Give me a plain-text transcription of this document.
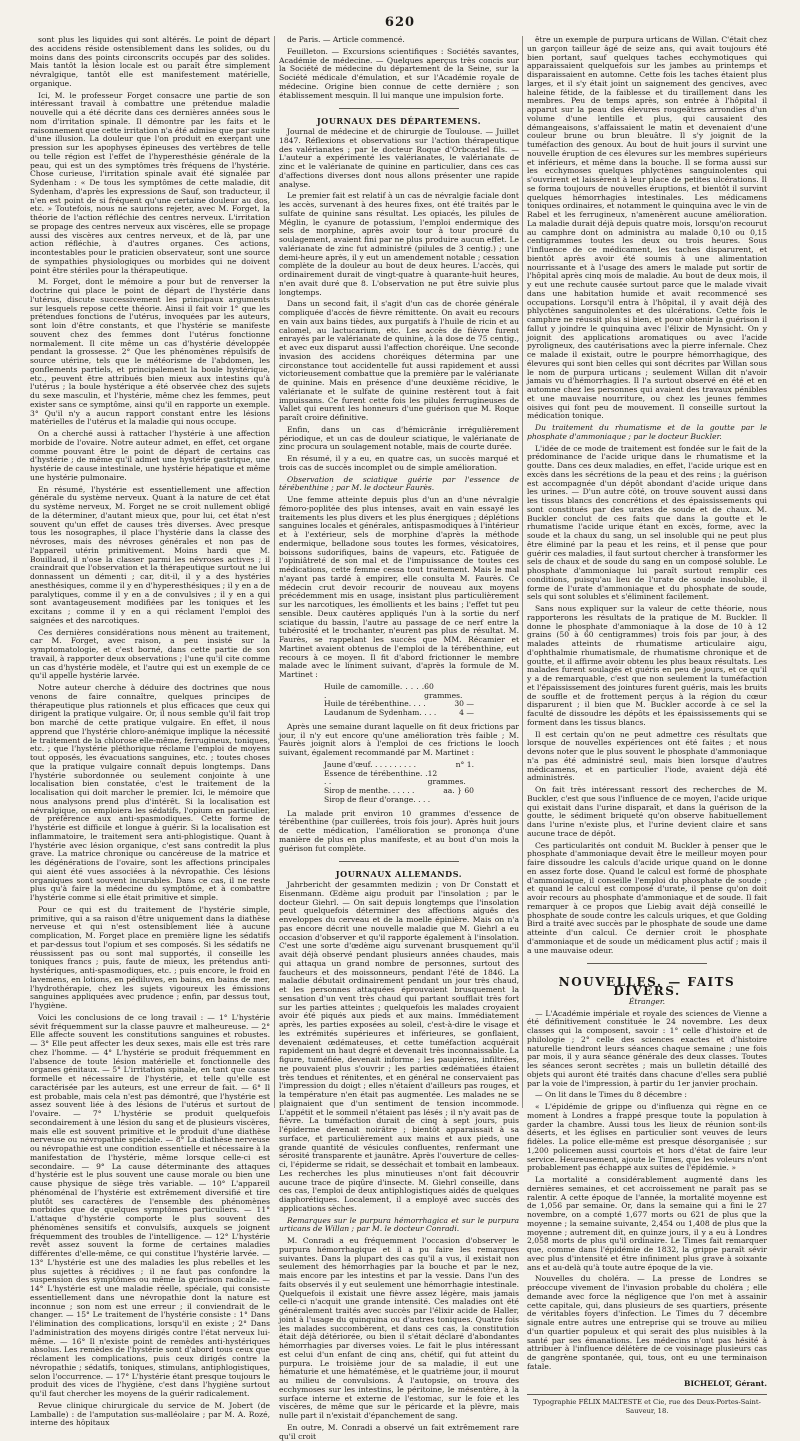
620

sont plus les liquides qui sont altérés. Le point de départ des accidens réside ostensiblement dans les solides, ou du moins dans des points circonscrits occupés par des solides. Mais tantôt la lésion locale est ou paraît être simplement névralgique, tantôt elle est manifestement matérielle, organique.

Ici, M. le professeur Forget consacre une partie de son intéressant travail à combattre une prétendue maladie nouvelle qui a été décrite dans ces dernières années sous le nom d'irritation spinale. Il démontre par les faits et le raisonnement que cette irritation n'a été admise que par suite d'une illusion. La douleur que l'on produit en exerçant une pression sur les apophyses épineuses des vertèbres de telle ou telle région est l'effet de l'hyperesthésie générale de la peau, qui est un des symptômes très fréquens de l'hystérie. Chose curieuse, l'irritation spinale avait été signalée par Sydenham : « De tous les symptômes de cette maladie, dit Sydenham, d'après les expressions de Sauf, son traducteur, il n'en est point de si fréquent qu'une certaine douleur au dos, etc. » Toutefois, nous ne saurions rejeter, avec M. Forget, la théorie de l'action réfléchie des centres nerveux. L'irritation se propage des centres nerveux aux viscères, elle se propage aussi des viscères aux centres nerveux, et de là, par une action réfléchie, à d'autres organes. Ces actions, incontestables pour le praticien observateur, sont une source de sympathies physiologiques ou morbides qui ne doivent point être stériles pour la thérapeutique.

M. Forget, dont le mémoire a pour but de renverser la doctrine qui place le point de départ de l'hystérie dans l'utérus, discute successivement les principaux arguments sur lesquels repose cette théorie. Ainsi il fait voir 1° que les prétendues fonctions de l'utérus, invoquées par les auteurs, sont loin d'être constants, et que l'hystérie se manifeste souvent chez des femmes dont l'utérus fonctionne normalement. Il cite même un cas d'hystérie développée pendant la grossesse. 2° Que les phénomènes répulsifs de source utérine, tels que le météorisme de l'abdomen, les gonflements partiels, et principalement la boule hystérique, etc., peuvent être attribués bien mieux aux intestins qu'à l'utérus ; la boule hystérique a été observée chez des sujets du sexe masculin, et l'hystérie, même chez les femmes, peut exister sans ce symptôme, ainsi qu'il en rapporte un exemple. 3° Qu'il n'y a aucun rapport constant entre les lésions matérielles de l'utérus et la maladie qui nous occupe.

On a cherché aussi à rattacher l'hystérie à une affection morbide de l'ovaire. Notre auteur admet, en effet, cet organe comme pouvant être le point de départ de certains cas d'hystérie ; de même qu'il admet une hystérie gastrique, une hystérie de cause intestinale, une hystérie hépatique et même une hystérie pulmonaire.

En résumé, l'hystérie est essentiellement une affection générale du système nerveux. Quant à la nature de cet état du système nerveux, M. Forget ne se croit nullement obligé de la déterminer, d'autant mieux que, pour lui, cet état n'est souvent qu'un effet de causes très diverses. Avec presque tous les nosographes, il place l'hystérie dans la classe des névroses, mais des névroses générales et non pas de l'appareil utérin primitivement. Moins hardi que M. Bouillaud, il n'ose la classer parmi les névroses actives ; il craindrait que l'observation et la thérapeutique surtout ne lui donnassent un démenti ; car, dit-il, il y a des hystéries anesthésiques, comme il y en d'hyperesthésiques ; il y en a de paralytiques, comme il y en a de convulsives ; il y en a qui sont avantageusement modifiées par les toniques et les excitans ; comme il y en a qui réclament l'emploi des saignées et des narcotiques.

Ces dernières considérations nous mènent au traitement, car M. Forget, avec raison, a peu insisté sur la symptomatologie, et c'est borné, dans cette partie de son travail, à rapporter deux observations ; l'une qu'il cite comme un cas d'hystérie modèle, et l'autre qui est un exemple de ce qu'il appelle hystérie larvée.

Notre auteur cherche à déduire des doctrines que nous venons de faire connaître, quelques principes de thérapeutique plus rationnels et plus efficaces que ceux qui dirigent la pratique vulgaire. Or, il nous semble qu'il fait trop bon marché de cette pratique vulgaire. En effet, il nous apprend que l'hystérie chloro-anémique implique la nécessité le traitement de la chlorose elle-même, ferrugineux, toniques, etc. ; que l'hystérie pléthorique réclame l'emploi de moyens tout opposés, les évacuations sanguines, etc. ; toutes choses que la pratique vulgaire connaît depuis longtemps. Dans l'hystérie subordonnée ou seulement conjointe à une localisation bien constatée, c'est le traitement de la localisation qui doit marcher le premier. Ici, le mémoire que nous analysons prend plus d'intérêt. Si la localisation est névralgique, on emploiera les sédatifs, l'opium en particulier, de préférence aux anti-spasmodiques. Cette forme de l'hystérie est difficile et longue à guérir. Si la localisation est inflammatoire, le traitement sera anti-phlogistique. Quant à l'hystérie avec lésion organique, c'est sans contredit la plus grave. La matrice chronique ou cancéreuse de la matrice et les dégénérations de l'ovaire, sont les affections principales qui aient été vues associées à la névropathie. Ces lésions organiques sont souvent incurables. Dans ce cas, il ne reste plus qu'à faire la médecine du symptôme, et à combattre l'hystérie comme si elle était primitive et simple.

Pour ce qui est du traitement de l'hystérie simple, primitive, qui a sa raison d'être uniquement dans la diathèse nerveuse et qui n'est ostensiblement liée à aucune complication, M. Forget place en première ligne les sédatifs et par-dessus tout l'opium et ses composés. Si les sédatifs ne réussissent pas ou sont mal supportés, il conseille les toniques francs ; puis, faute de mieux, les prétendus anti-hystériques, anti-spasmodiques, etc. ; puis encore, le froid en lavemens, en lotions, en pédiluves, en bains, en bains de mer, l'hydrothérapie, chez les sujets vigoureux les émissions sanguines appliquées avec prudence ; enfin, par dessus tout, l'hygiène.

Voici les conclusions de ce long travail : — 1° L'hystérie sévit fréquemment sur la classe pauvre et malheureuse. — 2° Elle affecte souvent les constitutions sanguines et robustes. — 3° Elle peut affecter les deux sexes, mais elle est très rare chez l'homme. — 4° L'hystérie se produit fréquemment en l'absence de toute lésion matérielle et fonctionnelle des organes génitaux. — 5° L'irritation spinale, en tant que cause formelle et nécessaire de l'hystérie, et telle qu'elle est caractérisée par les auteurs, est une erreur de fait. — 6° Il est probable, mais cela n'est pas démontré, que l'hystérie est assez souvent liée à des lésions de l'utérus et surtout de l'ovaire. — 7° L'hystérie se produit quelquefois secondairement à une lésion du sang et de plusieurs viscères, mais elle est souvent primitive et le produit d'une diathèse nerveuse ou névropathie spéciale. — 8° La diathèse nerveuse ou névropathie est une condition essentielle et nécessaire à la manifestation de l'hystérie, même lorsque celle-ci est secondaire. — 9° La cause déterminante des attaques d'hystérie est le plus souvent une cause morale ou bien une cause physique de siège très variable. — 10° L'appareil phénoménal de l'hystérie est extrêmement diversifié et tire plutôt ses caractères de l'ensemble des phénomènes morbides que de quelques symptômes particuliers. — 11° L'attaque d'hystérie comporte le plus souvent des phénomènes sensitifs et convulsifs, auxquels se joignent fréquemment des troubles de l'intelligence. — 12° L'hystérie revêt assez souvent la forme de certaines maladies différentes d'elle-même, ce qui constitue l'hystérie larvée. — 13° L'hystérie est une des maladies les plus rebelles et les plus sujettes à récidives ; il ne faut pas confondre la suspension des symptômes ou même la guérison radicale. — 14° L'hystérie est une maladie réelle, spéciale, qui consiste essentiellement dans une névropathie dont la nature est inconnue ; son nom est une erreur ; il conviendrait de le changer. — 15° Le traitement de l'hystérie consiste : 1° Dans l'élimination des complications, lorsqu'il en existe ; 2° Dans l'administration des moyens dirigés contre l'état nerveux lui-même. — 16° Il n'existe point de remèdes anti-hystériques absolus. Les remèdes de l'hystérie sont d'abord tous ceux que réclament les complications, puis ceux dirigés contre la névropathie ; sédatifs, toniques, stimulans, antiphlogistiques, selon l'occurrence. — 17° L'hystérie étant presque toujours le produit des vices de l'hygiène, c'est dans l'hygiène surtout qu'il faut chercher les moyens de la guérir radicalement.

Revue clinique chirurgicale du service de M. Jobert (de Lamballe) : de l'amputation sus-malléolaire ; par M. A. Rozé, interne des hôpitaux

de Paris. — Article commencé.

Feuilleton. — Excursions scientifiques : Sociétés savantes, Académie de médecine. — Quelques aperçus très concis sur la Société de médecine du département de la Seine, sur la Société médicale d'émulation, et sur l'Académie royale de médecine. Origine bien connue de cette dernière ; son établissement mesquin. Il lui manque une impulsion forte.

JOURNAUX DES DÉPARTEMENS.

Journal de médecine et de chirurgie de Toulouse. — Juillet 1847. Réflexions et observations sur l'action thérapeutique des valérianates ; par le docteur Roque d'Orbcastel fils. — L'auteur a expérimenté les valérianates, le valérianate de zinc et le valérianate de quinine en particulier, dans ces cas d'affections diverses dont nous allons présenter une rapide analyse.

Le premier fait est relatif à un cas de névralgie faciale dont les accès, survenant à des heures fixes, ont été traités par le sulfate de quinine sans résultat. Les opiacés, les pilules de Méglin, le cyanure de potassium, l'emploi endermique des sels de morphine, après avoir tour à tour procuré du soulagement, avaient fini par ne plus produire aucun effet. Le valérianate de zinc fut administré (pilules de 3 centig.) ; une demi-heure après, il y eut un amendement notable ; cessation complète de la douleur au bout de deux heures. L'accès, qui ordinairement durait de vingt-quatre à quarante-huit heures, n'en avait duré que 8. L'observation ne put être suivie plus longtemps.

Dans un second fait, il s'agit d'un cas de chorée générale compliquée d'accès de fièvre rémittente. On avait eu recours en vain aux bains tièdes, aux purgatifs à l'huile de ricin et au calomel, au lactucarium, etc. Les accès de fièvre furent enrayés par le valérianate de quinine, à la dose de 75 centig., et avec eux disparut aussi l'affection choréique. Une seconde invasion des accidens choréiques détermina par une circonstance tout accidentelle fut aussi rapidement et aussi victorieusement combattue que la première par le valérianate de quinine. Mais en présence d'une deuxième récidive, le valérianate et le sulfate de quinine restèrent tout à fait impuissans. Ce furent cette fois les pilules ferrugineuses de Vallet qui eurent les honneurs d'une guérison que M. Roque paraît croire définitive.

Enfin, dans un cas d'hémicrânie irrégulièrement périodique, et un cas de douleur sciatique, le valérianate de zinc procura un soulagement notable, mais de courte durée.

En résumé, il y a eu, en quatre cas, un succès marqué et trois cas de succès incomplet ou de simple amélioration.

Observation de sciatique guérie par l'essence de térébenthine ; par M. le docteur Faurès.

Une femme atteinte depuis plus d'un an d'une névralgie fémoro-poplitée des plus intenses, avait en vain essayé les traitements les plus divers et les plus énergiques ; déplétions sanguines locales et générales, antispasmodiques à l'intérieur et à l'extérieur, sels de morphine d'après la méthode endermique, belladone sous toutes les formes, vésicatoires, boissons sudorifiques, bains de vapeurs, etc. Fatiguée de l'opiniâtreté de son mal et de l'impuissance de toutes ces médications, cette femme cessa tout traitement. Mais le mal n'ayant pas tardé à empirer, elle consulta M. Faurès. Ce médecin crut devoir recourir de nouveau aux moyens précédemment mis en usage, insistant plus particulièrement sur les narcotiques, les émollients et les bains ; l'effet tut peu sensible. Deux cautères appliqués l'un à la sortie du nerf sciatique du bassin, l'autre au passage de ce nerf entre la tubérosité et le trochanter, n'eurent pas plus de résultat. M. Faurès, se rappelant les succès que MM. Récamier et Martinet avaient obtenus de l'emploi de la térébenthine, eut recours à ce moyen. Il fit d'abord frictionner le membre malade avec le liniment suivant, d'après la formule de M. Martinet :

Huile de camomille. . . . . .
60 grammes.
Huile de térébenthine. . . .	30 —
Laudanum de Sydenham. . . .	4 —

Après une semaine durant laquelle on fit deux frictions par jour, il n'y eut encore qu'une amélioration très faible ; M. Faurès joignit alors à l'emploi de ces frictions le looch suivant, également recommandé par M. Martinet :

Jaune d'œuf. . . . . . . . . .	n° 1.
Essence de térébenthine. . . .
12 grammes.
Sirop de menthe. . . . . .	aa. } 60
Sirop de fleur d'orange. . . .

La malade prit environ 10 grammes d'essence de térébenthine (par cuillerées, trois fois jour). Après huit jours de cette médication, l'amélioration se prononça d'une manière de plus en plus manifeste, et au bout d'un mois la guérison fut complète.

JOURNAUX ALLEMANDS.

Jahrbericht der gesammten medizin ; von Dr Constatt et Eisenmann. Œdème aigu produit par l'insolation ; par le docteur Giehrl. — On sait depuis longtemps que l'insolation peut quelquefois déterminer des affections aiguës des enveloppes du cerveau et de la moelle épinière. Mais on n'a pas encore décrit une nouvelle maladie que M. Giehrl a eu occasion d'observer et qu'il rapporte également à l'insolation. C'est une sorte d'œdème aigu survenant brusquement qu'il avait déjà observé pendant plusieurs années chaudes, mais qui attaqua un grand nombre de personnes, surtout des faucheurs et des moissonneurs, pendant l'été de 1846. La maladie débutait ordinairement pendant un jour très chaud, et les personnes attaquées éprouvaient brusquement la sensation d'un vent très chaud qui partant soufflait très fort sur les parties atteintes ; quelquefois les malades croyaient avoir été piqués aux pieds et aux mains. Immédiatement après, les parties exposées au soleil, c'est-à-dire le visage et les extrémités supérieures et inférieures, se gonflaient, devenaient œdémateuses, et cette tuméfaction acquérait rapidement un haut degré et devenait très inconnaissable. La figure, tuméfiée, devenait informe ; les paupières, infiltrées, ne pouvaient plus s'ouvrir ; les parties œdématiées étaient très tendues et rénitentes, et en général ne conservaient pas l'impression du doigt ; elles n'étaient d'ailleurs pas rouges, et la température n'en était pas augmentée. Les malades ne se plaignaient que d'un sentiment de tension incommode. L'appétit et le sommeil n'étaient pas lésés ; il n'y avait pas de fièvre. La tuméfaction durait de cinq à sept jours, puis l'épiderme devenait noirâtre ; bientôt apparaissait à sa surface, et particulièrement aux mains et aux pieds, une grande quantité de vésicules confluentes, renfermant une sérosité transparente et jaunâtre. Après l'ouverture de celles-ci, l'épiderme se ridait, se desséchait et tombait en lambeaux. Les recherches les plus minutieuses n'ont fait découvrir aucune trace de piqûre d'insecte. M. Giehrl conseille, dans ces cas, l'emploi de deux antiphlogistiques aidés de quelques diaphorétiques. Localement, il a employé avec succès des applications sèches.

Remarques sur le purpura hémorrhagica et sur le purpura urticans de Willan ; par M. le docteur Conradi.

M. Conradi a eu fréquemment l'occasion d'observer le purpura hémorrhagique et il a pu faire les remarques suivantes. Dans la plupart des cas qu'il a vus, il existait non seulement des hémorrhagies par la bouche et par le nez, mais encore par les intestins et par la vessie. Dans l'un des faits observés il y eut seulement une hémorrhagie intestinale. Quelquefois il existait une fièvre assez légère, mais jamais celle-ci n'acquit une grande intensité. Ces maladies ont été généralement traités avec succès par l'élixir acide de Haller, joint à l'usage du quinquina ou d'autres toniques. Quatre fois les malades succombèrent, et dans ces cas, la constitution était déjà détériorée, ou bien il s'était déclaré d'abondantes hémorrhagies par diverses voies. Le fait le plus intéressant est celui d'un enfant de cinq ans, chétif, qui fut atteint du purpura. Le troisième jour de sa maladie, il eut une hématurie et une hématémèse, et le quatrième jour, il mourut au milieu de convulsions. À l'autopsie, on trouva des ecchymoses sur les intestins, le péritoine, le mésentère, à la surface interne et externe de l'estomac, sur le foie et les viscères, de même que sur le péricarde et la plèvre, mais nulle part il n'existait d'épanchement de sang.

En outre, M. Conradi a observé un fait extrêmement rare qu'il croit

être un exemple de purpura urticans de Willan. C'était chez un garçon tailleur âgé de seize ans, qui avait toujours été bien portant, sauf quelques taches ecchymotiques qui apparaissaient quelquefois sur les jambes au printemps et disparaissaient en automne. Cette fois les taches étaient plus larges, et il s'y était joint un saignement des gencives, avec haleine fétide, de la faiblesse et du tiraillement dans les membres. Peu de temps après, son entrée à l'hôpital il apparut sur la peau des élevures rougeâtres arrondies d'un volume d'une lentille et plus, qui causaient des démangeaisons, s'affaissaient le matin et devenaient d'une couleur brune ou brun bleuâtre. Il s'y joignit de la tuméfaction des genoux. Au bout de huit jours il survint une nouvelle éruption de ces élevures sur les membres supérieurs et inférieurs, et même dans la bouche. Il se forma aussi sur les ecchymoses quelques phlyctènes sanguinolentes qui s'ouvrirent et laissèrent à leur place de petites ulcérations. Il se forma toujours de nouvelles éruptions, et bientôt il survint quelques hémorrhagies intestinales. Les médicamens toniques ordinaires, et notamment le quinquina avec le vin de Rabel et les ferrugineux, n'amenèrent aucune amélioration. La maladie durait déjà depuis quatre mois, lorsqu'on recourut au camphre dont on administra au malade 0,10 ou 0,15 centigrammes toutes les deux ou trois heures. Sous l'influence de ce médicament, les taches disparurent, et bientôt après avoir été soumis à une alimentation nourrissante et à l'usage des amers le malade put sortir de l'hôpital après cinq mois de maladie. Au bout de deux mois, il y eut une rechute causée surtout parce que le malade vivait dans une habitation humide et avait recommencé ses occupations. Lorsqu'il entra à l'hôpital, il y avait déjà des phlyctènes sanguinolentes et des ulcérations. Cette fois le camphre ne réussit plus si bien, et pour obtenir la guérison il fallut y joindre le quinquina avec l'élixir de Mynsicht. On y joignit des applications aromatiques ou avec l'acide pyroligneux, des cautérisations avec la pierre infernale. Chez ce malade il existait, outre le pourpre hémorrhagique, des élevures qui sont bien celles qui sont décrites par Willan sous le nom de purpura urticans ; seulement Willan dit n'avoir jamais vu d'hémorrhagies. Il l'a surtout observé en été et en automne chez les personnes qui avaient des travaux pénibles et une mauvaise nourriture, ou chez les jeunes femmes oisives qui font peu de mouvement. Il conseille surtout la médication tonique.

Du traitement du rhumatisme et de la goutte par le phosphate d'ammoniaque ; par le docteur Buckler.

L'idée de ce mode de traitement est fondée sur le fait de la prédominance de l'acide urique dans le rhumatisme et la goutte. Dans ces deux maladies, en effet, l'acide urique est en excès dans les sécrétions de la peau et des reins ; la guérison est accompagnée d'un dépôt abondant d'acide urique dans les urines. — D'un autre côté, on trouve souvent aussi dans les tissus blancs des concrétions et des épaississements qui sont constitués par des urates de soude et de chaux. M. Buckler conclut de ces faits que dans la goutte et le rhumatisme l'acide urique étant en excès, forme, avec la soude et la chaux du sang, un sel insoluble qui ne peut plus être éliminé par la peau et les reins, et il pense que pour guérir ces maladies, il faut surtout chercher à transformer les sels de chaux et de soude du sang en un composé soluble. Le phosphate d'ammoniaque lui paraît surtout remplir ces conditions, puisqu'au lieu de l'urate de soude insoluble, il forme de l'urate d'ammoniaque et du phosphate de soude, sels qui sont solubles et s'éliminent facilement.

Sans nous expliquer sur la valeur de cette théorie, nous rapporterons les résultats de la pratique de M. Buckler. Il donne le phosphate d'ammoniaque à la dose de 10 à 12 grains (50 à 60 centigrammes) trois fois par jour, à des malades atteints de rhumatisme articulaire aigu, d'ophthalmie rhumatismale, de rhumatisme chronique et de goutte, et il affirme avoir obtenu les plus beaux résultats. Les malades furent soulagés et guéris en peu de jours, et ce qu'il y a de remarquable, c'est que non seulement la tuméfaction et l'épaississement des jointures furent guéris, mais les bruits de souffle et de frottement perçus à la région du cœur disparurent ; il bien que M. Buckler accorde à ce sel la faculté de dissoudre les dépôts et les épaississements qui se forment dans les tissus blancs.

Il est certain qu'on ne peut admettre ces résultats que lorsque de nouvelles expériences ont été faites ; et nous devons noter que le plus souvent le phosphate d'ammoniaque n'a pas été administré seul, mais bien lorsque d'autres médicamens, et en particulier l'iode, avaient déjà été administrés.

On fait très intéressant ressort des recherches de M. Buckler, c'est que sous l'influence de ce moyen, l'acide urique qui existait dans l'urine disparaît, et dans la guérison de la goutte, le sédiment briqueté qu'on observe habituellement dans l'urine n'existe plus, et l'urine devient claire et sans aucune trace de dépôt.

Ces particularités ont conduit M. Buckler à penser que le phosphate d'ammoniaque devait être le meilleur moyen pour faire dissoudre les calculs d'acide urique quand on le donne en assez forte dose. Quand le calcul est formé de phosphate d'ammoniaque, il conseille l'emploi du phosphate de soude ; et quand le calcul est composé d'urate, il pense qu'on doit avoir recours au phosphate d'ammoniaque et de soude. Il fait remarquer à ce propos que Liebig avait déjà conseillé le phosphate de soude contre les calculs uriques, et que Golding Bird a traité avec succès par le phosphate de soude une dame atteinte d'un calcul. Ce dernier croit le phosphate d'ammoniaque et de soude un médicament plus actif ; mais il a une mauvaise odeur.

NOUVELLES. — FAITS DIVERS.
Étranger.

— L'Académie impériale et royale des sciences de Vienne a été définitivement constituée le 24 novembre. Les deux classes qui la composent, savoir : 1° celle d'histoire et de philologie ; 2° celle des sciences exactes et d'histoire naturelle tiendront leurs séances chaque semaine ; une fois par mois, il y aura séance générale des deux classes. Toutes les séances seront secrètes ; mais un bulletin détaillé des objets qui auront été traités dans chacune d'elles sera publié par la voie de l'impression, à partir du 1er janvier prochain.

— On lit dans le Times du 8 décembre :

« L'épidémie de grippe ou d'influenza qui règne en ce moment à Londres a frappé presque toute la population à garder la chambre. Aussi tous les lieux de réunion sont-ils déserts, et les églises en particulier sont veuves de leurs fidèles. La police elle-même est presque désorganisée ; sur 1,200 policemen aussi courtois et hors d'état de faire leur service. Heureusement, ajoute le Times, que les voleurs n'ont probablement pas échappé aux suites de l'épidémie. »

La mortalité a considérablement augmenté dans les dernières semaines, et cet accroissement ne paraît pas se ralentir. A cette époque de l'année, la mortalité moyenne est de 1,056 par semaine. Or, dans la semaine qui a fini le 27 novembre, on a compté 1,677 morts ou 621 de plus que la moyenne ; la semaine suivante, 2,454 ou 1,408 de plus que la moyenne ; autrement dit, en quinze jours, il y a eu à Londres 2,058 morts de plus qu'il ordinaire. Le Times fait remarquer que, comme dans l'épidémie de 1832, la grippe paraît sévir avec plus d'intensité et être infiniment plus grave à soixante ans et au-delà qu'à toute autre époque de la vie.

Nouvelles du choléra. — La presse de Londres se préoccupe vivement de l'invasion probable du choléra ; elle demande avec force la négligence que l'on met à assainir cette capitale, qui, dans plusieurs de ses quartiers, présente de véritables foyers d'infection. Le Times du 7 décembre signale entre autres une entreprise qui se trouve au milieu d'un quartier populeux et qui serait des plus nuisibles à la santé par ses émanations. Les médecins n'ont pas hésité à attribuer à l'influence délétère de ce voisinage plusieurs cas de gangrène spontanée, qui, tous, ont eu une terminaison fatale.

BICHELOT, Gérant.
Typographie FÉLIX MALTESTE et Cie, rue des Deux-Portes-Saint-Sauveur, 18.
